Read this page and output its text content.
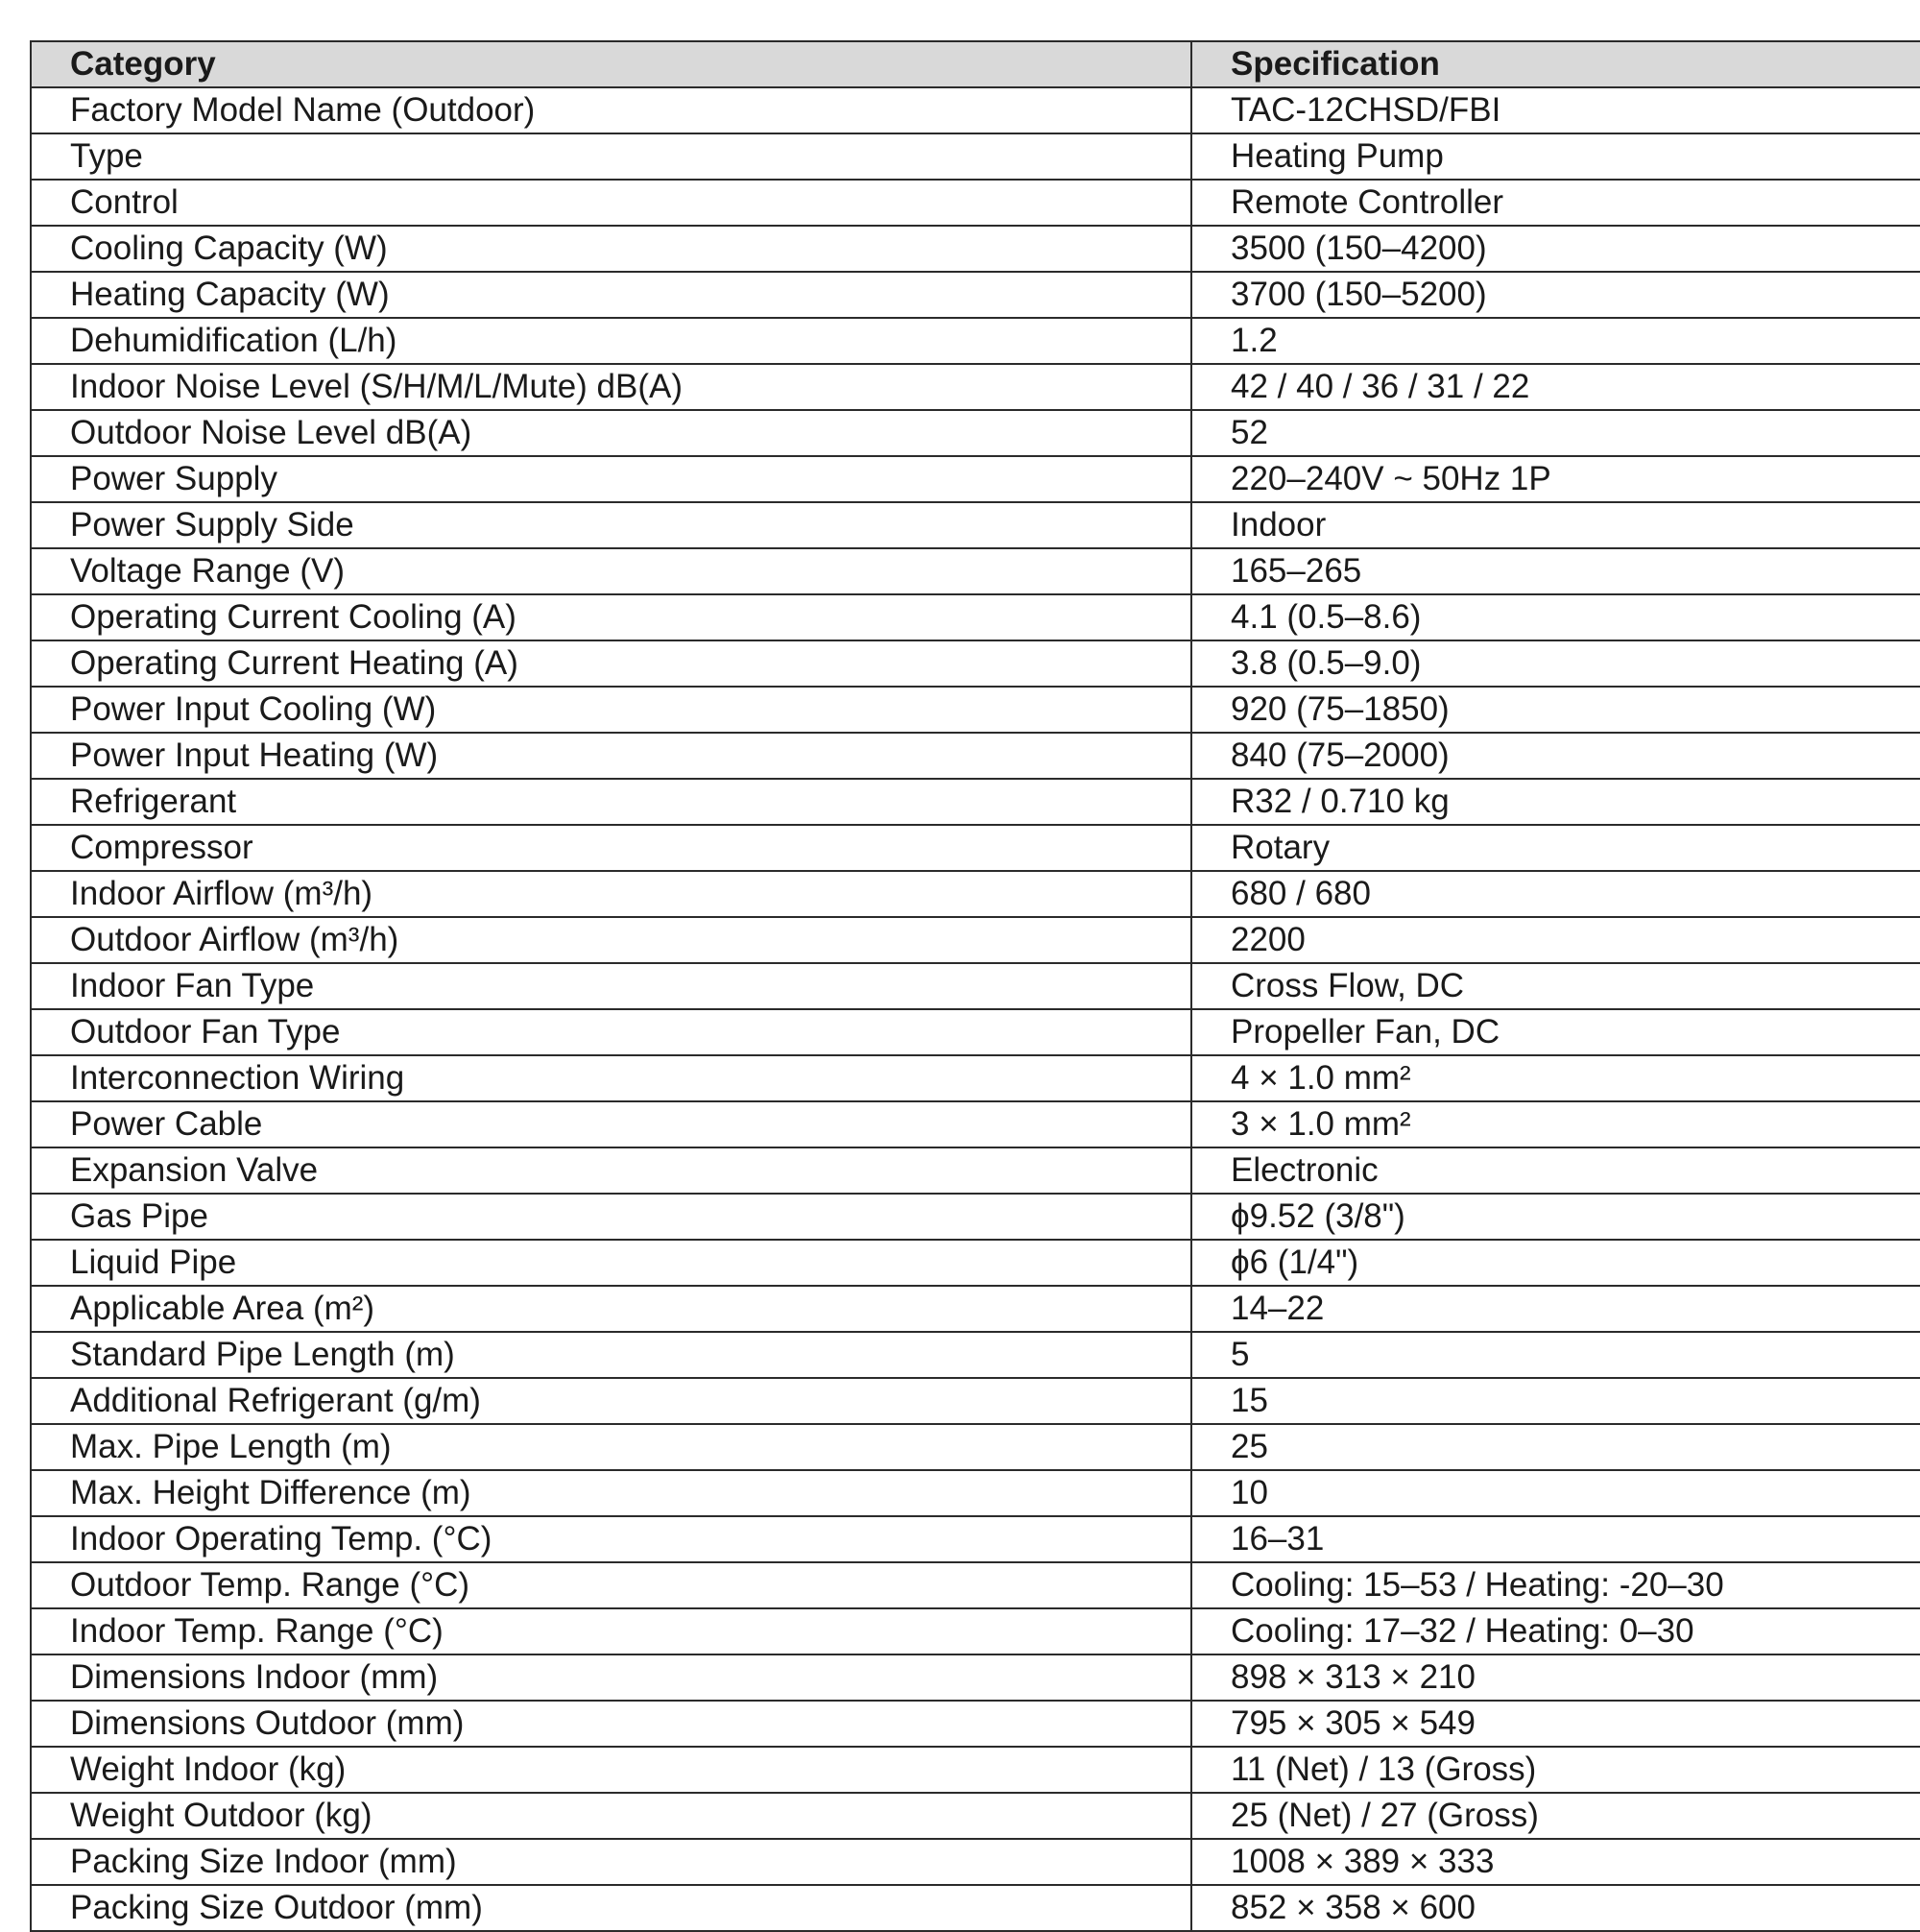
Category	Specification
Factory Model Name (Outdoor)	TAC-12CHSD/FBI
Type	Heating Pump
Control	Remote Controller
Cooling Capacity (W)	3500 (150–4200)
Heating Capacity (W)	3700 (150–5200)
Dehumidification (L/h)	1.2
Indoor Noise Level (S/H/M/L/Mute) dB(A)	42 / 40 / 36 / 31 / 22
Outdoor Noise Level dB(A)	52
Power Supply	220–240V ~ 50Hz 1P
Power Supply Side	Indoor
Voltage Range (V)	165–265
Operating Current Cooling (A)	4.1 (0.5–8.6)
Operating Current Heating (A)	3.8 (0.5–9.0)
Power Input Cooling (W)	920 (75–1850)
Power Input Heating (W)	840 (75–2000)
Refrigerant	R32 / 0.710 kg
Compressor	Rotary
Indoor Airflow (m³/h)	680 / 680
Outdoor Airflow (m³/h)	2200
Indoor Fan Type	Cross Flow, DC
Outdoor Fan Type	Propeller Fan, DC
Interconnection Wiring	4 × 1.0 mm²
Power Cable	3 × 1.0 mm²
Expansion Valve	Electronic
Gas Pipe	ϕ9.52 (3/8")
Liquid Pipe	ϕ6 (1/4")
Applicable Area (m²)	14–22
Standard Pipe Length (m)	5
Additional Refrigerant (g/m)	15
Max. Pipe Length (m)	25
Max. Height Difference (m)	10
Indoor Operating Temp. (°C)	16–31
Outdoor Temp. Range (°C)	Cooling: 15–53 / Heating: -20–30
Indoor Temp. Range (°C)	Cooling: 17–32 / Heating: 0–30
Dimensions Indoor (mm)	898 × 313 × 210
Dimensions Outdoor (mm)	795 × 305 × 549
Weight Indoor (kg)	11 (Net) / 13 (Gross)
Weight Outdoor (kg)	25 (Net) / 27 (Gross)
Packing Size Indoor (mm)	1008 × 389 × 333
Packing Size Outdoor (mm)	852 × 358 × 600
